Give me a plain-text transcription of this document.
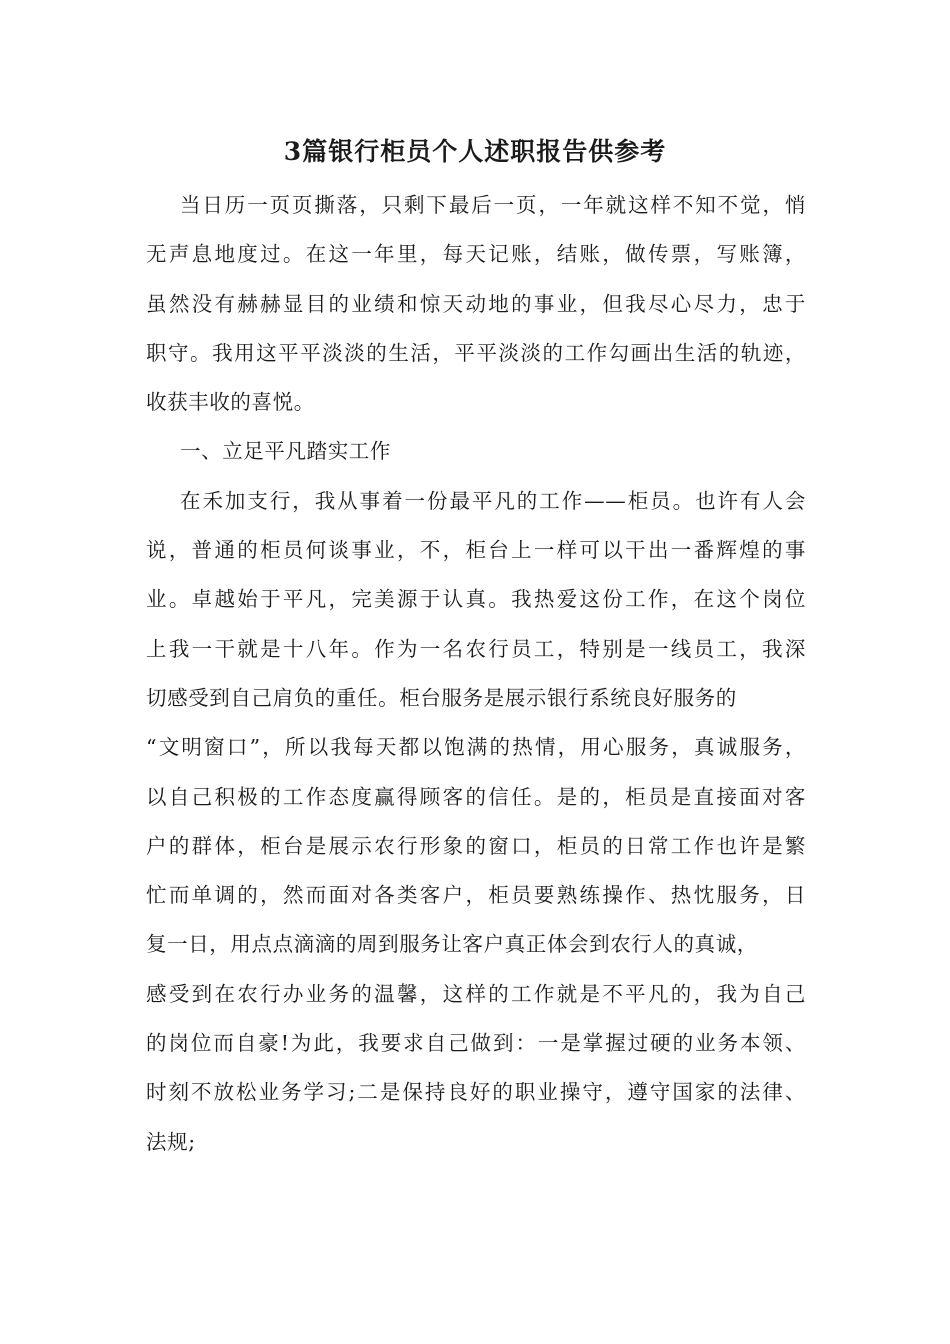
3篇银行柜员个人述职报告供参考
当日历一页页撕落，只剩下最后一页，一年就这样不知不觉，悄
无声息地度过。在这一年里，每天记账，结账，做传票，写账簿，
虽然没有赫赫显目的业绩和惊天动地的事业，但我尽心尽力，忠于
职守。我用这平平淡淡的生活，平平淡淡的工作勾画出生活的轨迹，
收获丰收的喜悦。
一、立足平凡踏实工作
在禾加支行，我从事着一份最平凡的工作——柜员。也许有人会
说，普通的柜员何谈事业，不，柜台上一样可以干出一番辉煌的事
业。卓越始于平凡，完美源于认真。我热爱这份工作，在这个岗位
上我一干就是十八年。作为一名农行员工，特别是一线员工，我深
切感受到自己肩负的重任。柜台服务是展示银行系统良好服务的
“文明窗口”，所以我每天都以饱满的热情，用心服务，真诚服务，
以自己积极的工作态度赢得顾客的信任。是的，柜员是直接面对客
户的群体，柜台是展示农行形象的窗口，柜员的日常工作也许是繁
忙而单调的，然而面对各类客户，柜员要熟练操作、热忱服务，日
复一日，用点点滴滴的周到服务让客户真正体会到农行人的真诚，
感受到在农行办业务的温馨，这样的工作就是不平凡的，我为自己
的岗位而自豪!为此，我要求自己做到：一是掌握过硬的业务本领、
时刻不放松业务学习;二是保持良好的职业操守，遵守国家的法律、
法规;
